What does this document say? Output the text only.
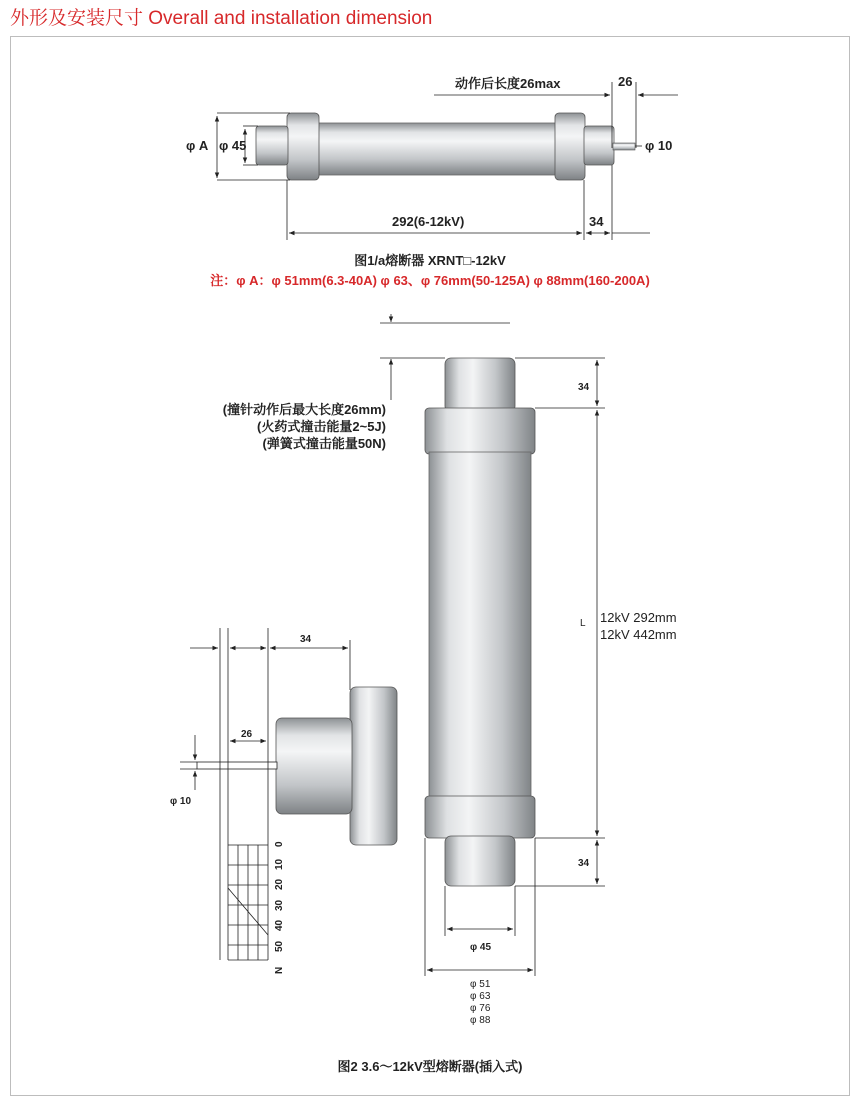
外形及安装尺寸 Overall and installation dimension
动作后长度26max	26
φ A φ 45	φ 10
292(6-12kV)	34
34
34
L 12kV 292mm
12kV 442mm
φ 45
φ 51
φ 63
φ 76
φ 88
(撞针动作后最大长度26mm)
(火药式撞击能量2~5J)
(弹簧式撞击能量50N)
34
26
φ 10
0
10
20
30
40
50
N
图1/a熔断器 XRNT□-12kV
注：φ A：φ 51mm(6.3-40A) φ 63、φ 76mm(50-125A) φ 88mm(160-200A)
图2 3.6～12kV型熔断器(插入式)
